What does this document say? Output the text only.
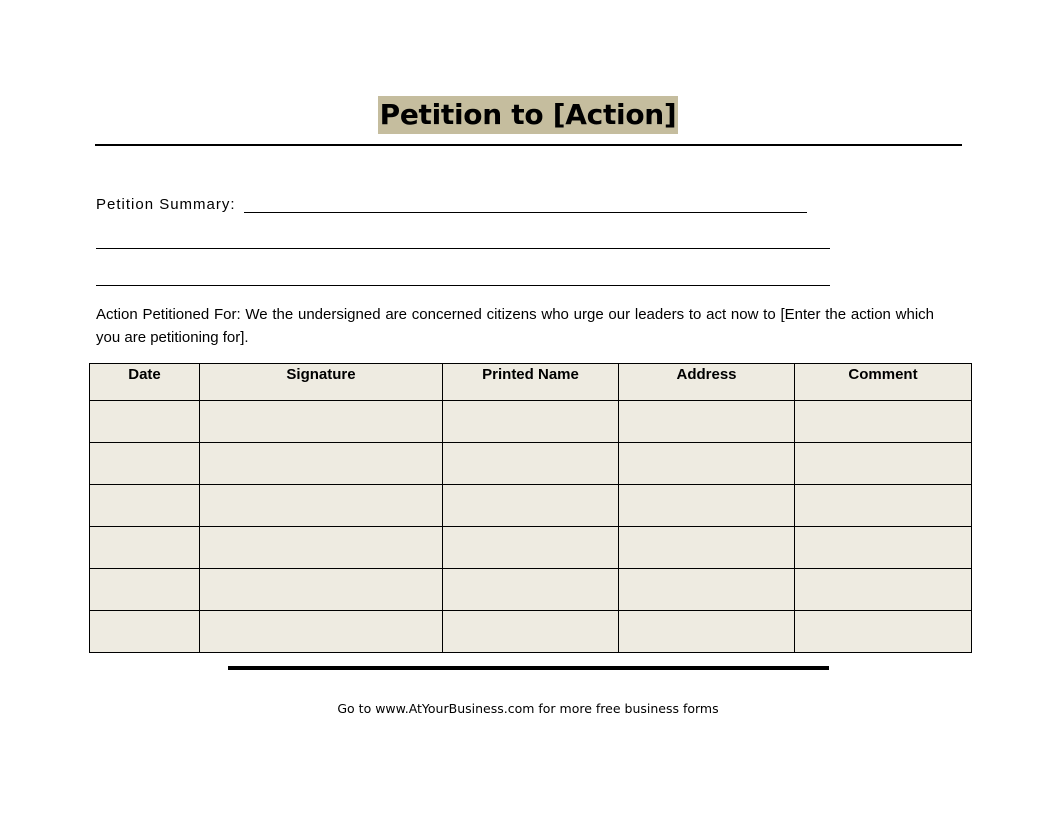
Petition to [Action]
Petition Summary:
Action Petitioned For: We the undersigned are concerned citizens who urge our leaders to act now to [Enter the action which you are petitioning for].
Date	Signature	Printed Name	Address	Comment

Go to www.AtYourBusiness.com for more free business forms
